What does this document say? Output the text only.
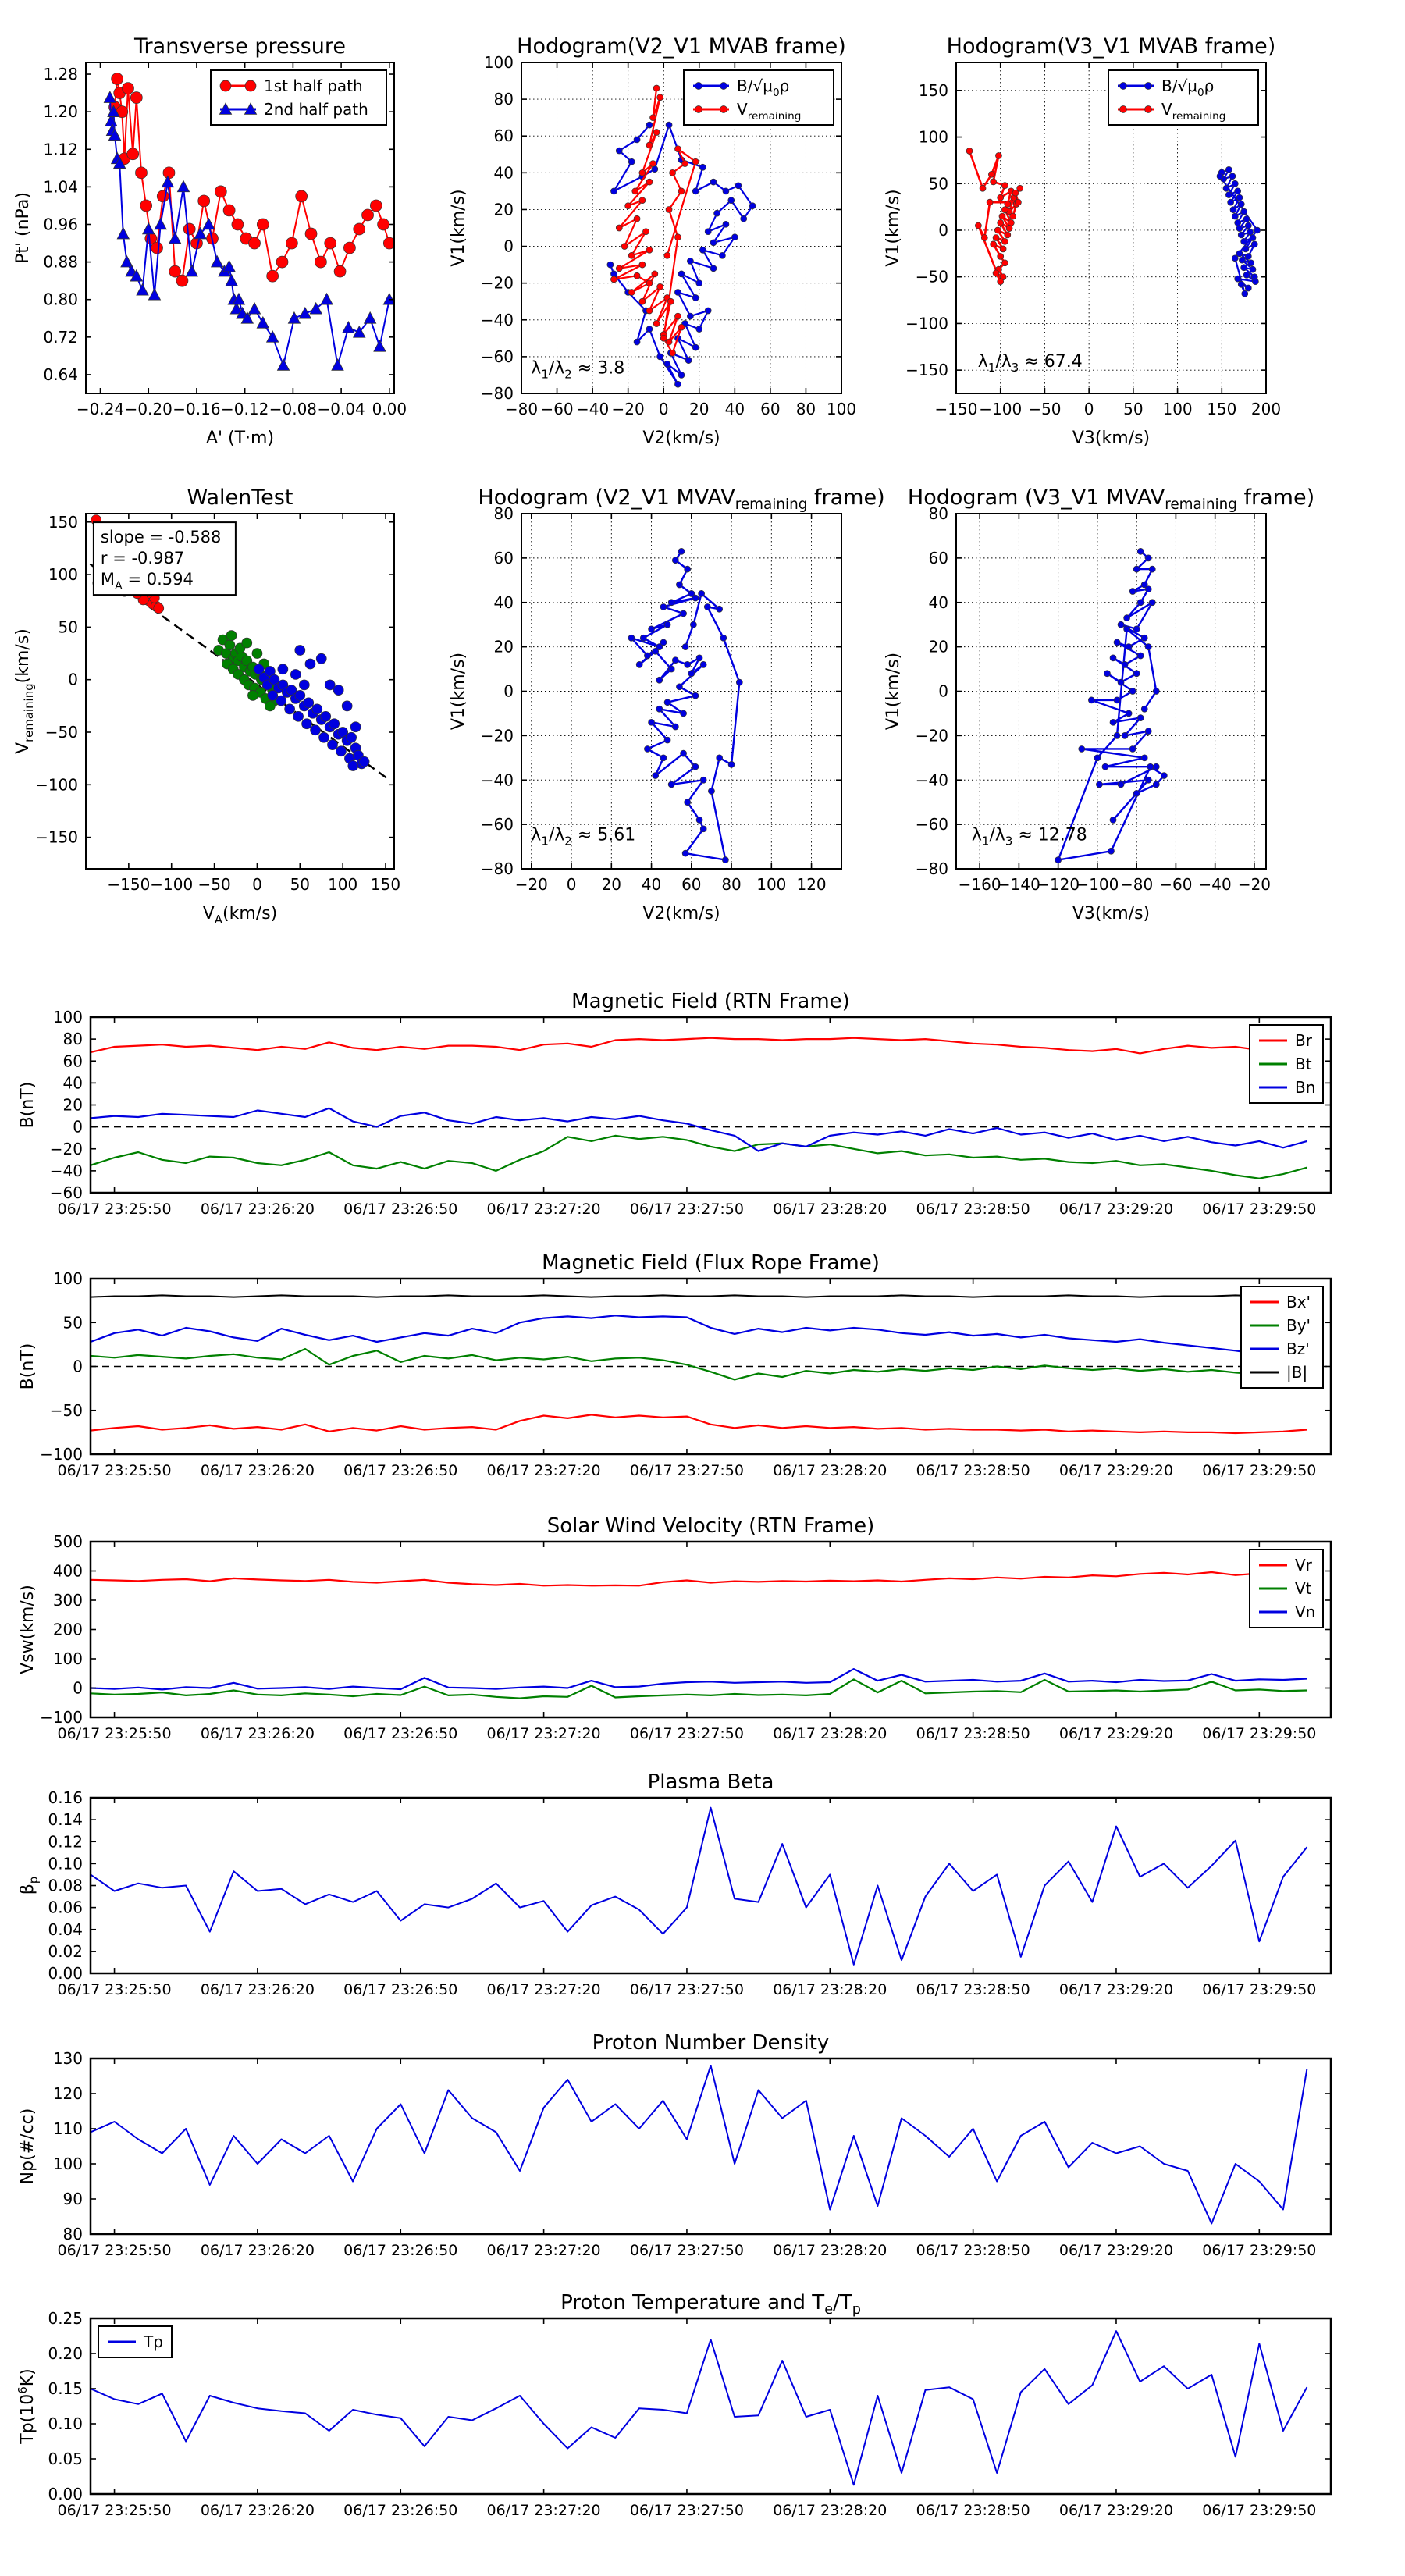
−0.24 −0.20 −0.16 −0.12 −0.08 −0.04 0.00
0.64
0.72
0.80
0.88
0.96
1.04
1.12
1.20
1.28
Transverse pressure
A' (T·m)
Pt' (nPa)
1st half path
2nd half path
−80 −60 −40 −20 0 20 40 60 80 100
−80
−60
−40
−20
0
20
40
60
80
100
Hodogram(V2_V1 MVAB frame)
V2(km/s)
V1(km/s)
$\lambda_1/\lambda_2 \approx 3.8$
$B/√\mu_0\rho$
$V_{remaining}$
−150 −100 −50 0 50 100 150 200
−150
−100
−50
0
50
100
150
Hodogram(V3_V1 MVAB frame)
V3(km/s)
V1(km/s)
$\lambda_1/\lambda_3 \approx 67.4$
$B/√\mu_0\rho$
$V_{remaining}$
−150 −100 −50 0 50 100 150
−150
−100
−50
0
50
100
150
WalenTest
$V_A(km/s)$
$V_{remaining}(km/s)$
slope = -0.588
r = -0.987
$M_A = 0.594$
−20 0 20 40 60 80 100 120
−80
−60
−40
−20
0
20
40
60
80
Hodogram (V2_V1 $MVAV_{remaining}$ frame)
V2(km/s)
V1(km/s)
$\lambda_1/\lambda_2 \approx 5.61$
−160
−140
−120
−100 −80 −60 −40 −20
−80
−60
−40
−20
0
20
40
60
80
Hodogram (V3_V1 $MVAV_{remaining}$ frame)
V3(km/s)
V1(km/s)
$\lambda_1/\lambda_3 \approx 12.78$
06/17 23:25:50 06/17 23:26:20 06/17 23:26:50 06/17 23:27:20 06/17 23:27:50 06/17 23:28:20 06/17 23:28:50 06/17 23:29:20 06/17 23:29:50
−60
−40
−20
0
20
40
60
80
100
Magnetic Field (RTN Frame)
B(nT)
Br
Bt
Bn
06/17 23:25:50 06/17 23:26:20 06/17 23:26:50 06/17 23:27:20 06/17 23:27:50 06/17 23:28:20 06/17 23:28:50 06/17 23:29:20 06/17 23:29:50
−100
−50
0
50
100
Magnetic Field (Flux Rope Frame)
B(nT)
Bx'
By'
Bz'
|B|
06/17 23:25:50 06/17 23:26:20 06/17 23:26:50 06/17 23:27:20 06/17 23:27:50 06/17 23:28:20 06/17 23:28:50 06/17 23:29:20 06/17 23:29:50
−100
0
100
200
300
400
500
Solar Wind Velocity (RTN Frame)
Vsw(km/s)
Vr
Vt
Vn
06/17 23:25:50 06/17 23:26:20 06/17 23:26:50 06/17 23:27:20 06/17 23:27:50 06/17 23:28:20 06/17 23:28:50 06/17 23:29:20 06/17 23:29:50
0.00
0.02
0.04
0.06
0.08
0.10
0.12
0.14
0.16
Plasma Beta
$\beta_p$
06/17 23:25:50 06/17 23:26:20 06/17 23:26:50 06/17 23:27:20 06/17 23:27:50 06/17 23:28:20 06/17 23:28:50 06/17 23:29:20 06/17 23:29:50
80
90
100
110
120
130
Proton Number Density
Np(#/cc)
06/17 23:25:50 06/17 23:26:20 06/17 23:26:50 06/17 23:27:20 06/17 23:27:50 06/17 23:28:20 06/17 23:28:50 06/17 23:29:20 06/17 23:29:50
0.00
0.05
0.10
0.15
0.20
0.25
Proton Temperature and $T_e/T_p$
$Tp(10^6K)$
Tp
